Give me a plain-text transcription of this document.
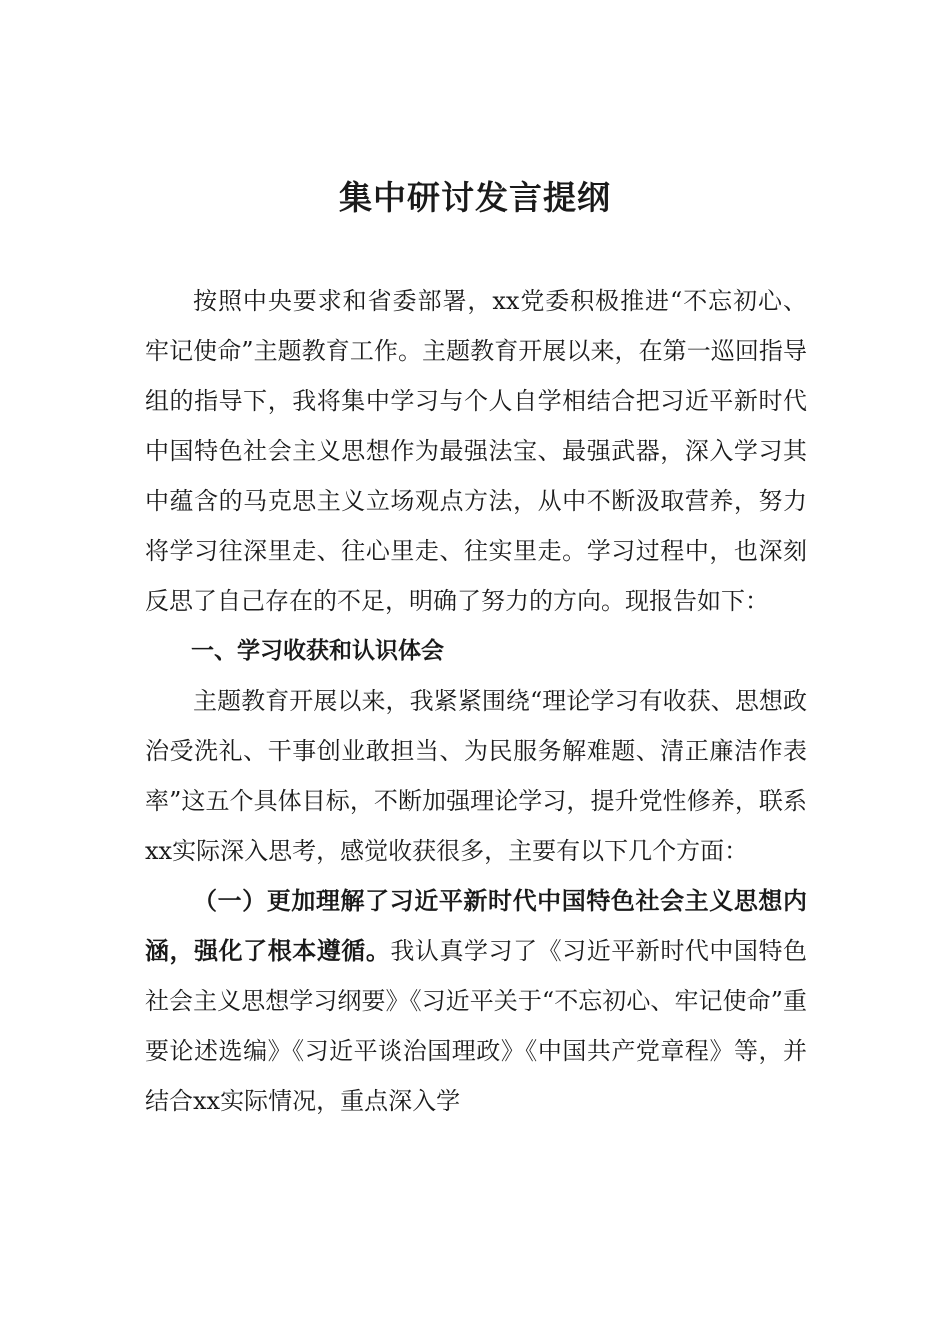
集中研讨发言提纲

按照中央要求和省委部署，xx党委积极推进“不忘初心、牢记使命”主题教育工作。主题教育开展以来，在第一巡回指导组的指导下，我将集中学习与个人自学相结合把习近平新时代中国特色社会主义思想作为最强法宝、最强武器，深入学习其中蕴含的马克思主义立场观点方法，从中不断汲取营养，努力将学习往深里走、往心里走、往实里走。学习过程中，也深刻反思了自己存在的不足，明确了努力的方向。现报告如下：

一、学习收获和认识体会

主题教育开展以来，我紧紧围绕“理论学习有收获、思想政治受洗礼、干事创业敢担当、为民服务解难题、清正廉洁作表率”这五个具体目标，不断加强理论学习，提升党性修养，联系xx实际深入思考，感觉收获很多，主要有以下几个方面：

（一）更加理解了习近平新时代中国特色社会主义思想内涵，强化了根本遵循。我认真学习了《习近平新时代中国特色社会主义思想学习纲要》《习近平关于“不忘初心、牢记使命”重要论述选编》《习近平谈治国理政》《中国共产党章程》等，并结合xx实际情况，重点深入学
